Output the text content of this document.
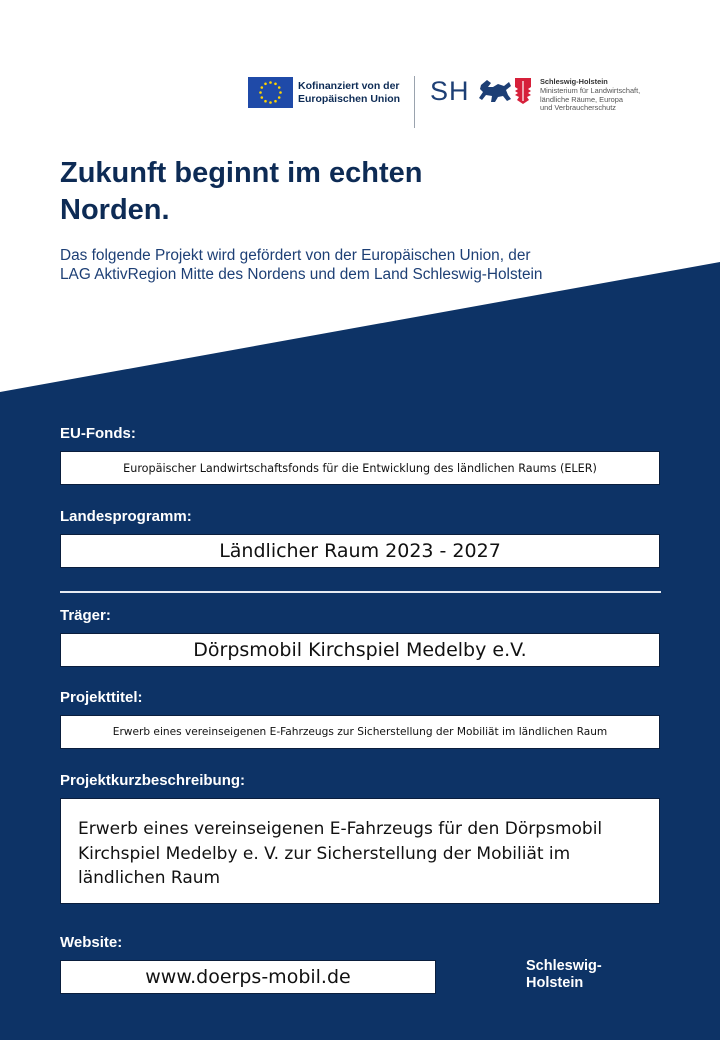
Kofinanziert von der
Europäischen Union SH	Schleswig-Holstein
Ministerium für Landwirtschaft,
ländliche Räume, Europa
und Verbraucherschutz
Zukunft beginnt im echten
Norden.
Das folgende Projekt wird gefördert von der Europäischen Union, der
LAG AktivRegion Mitte des Nordens und dem Land Schleswig-Holstein
EU-Fonds:
Europäischer Landwirtschaftsfonds für die Entwicklung des ländlichen Raums (ELER)
Landesprogramm:
Ländlicher Raum 2023 - 2027
Träger:
Dörpsmobil Kirchspiel Medelby e.V.
Projekttitel:
Erwerb eines vereinseigenen E-Fahrzeugs zur Sicherstellung der Mobiliät im ländlichen Raum
Projektkurzbeschreibung:
Erwerb eines vereinseigenen E-Fahrzeugs für den Dörpsmobil
Kirchspiel Medelby e. V. zur Sicherstellung der Mobiliät im
ländlichen Raum
Website:
www.doerps-mobil.de	Schleswig-
Holstein
